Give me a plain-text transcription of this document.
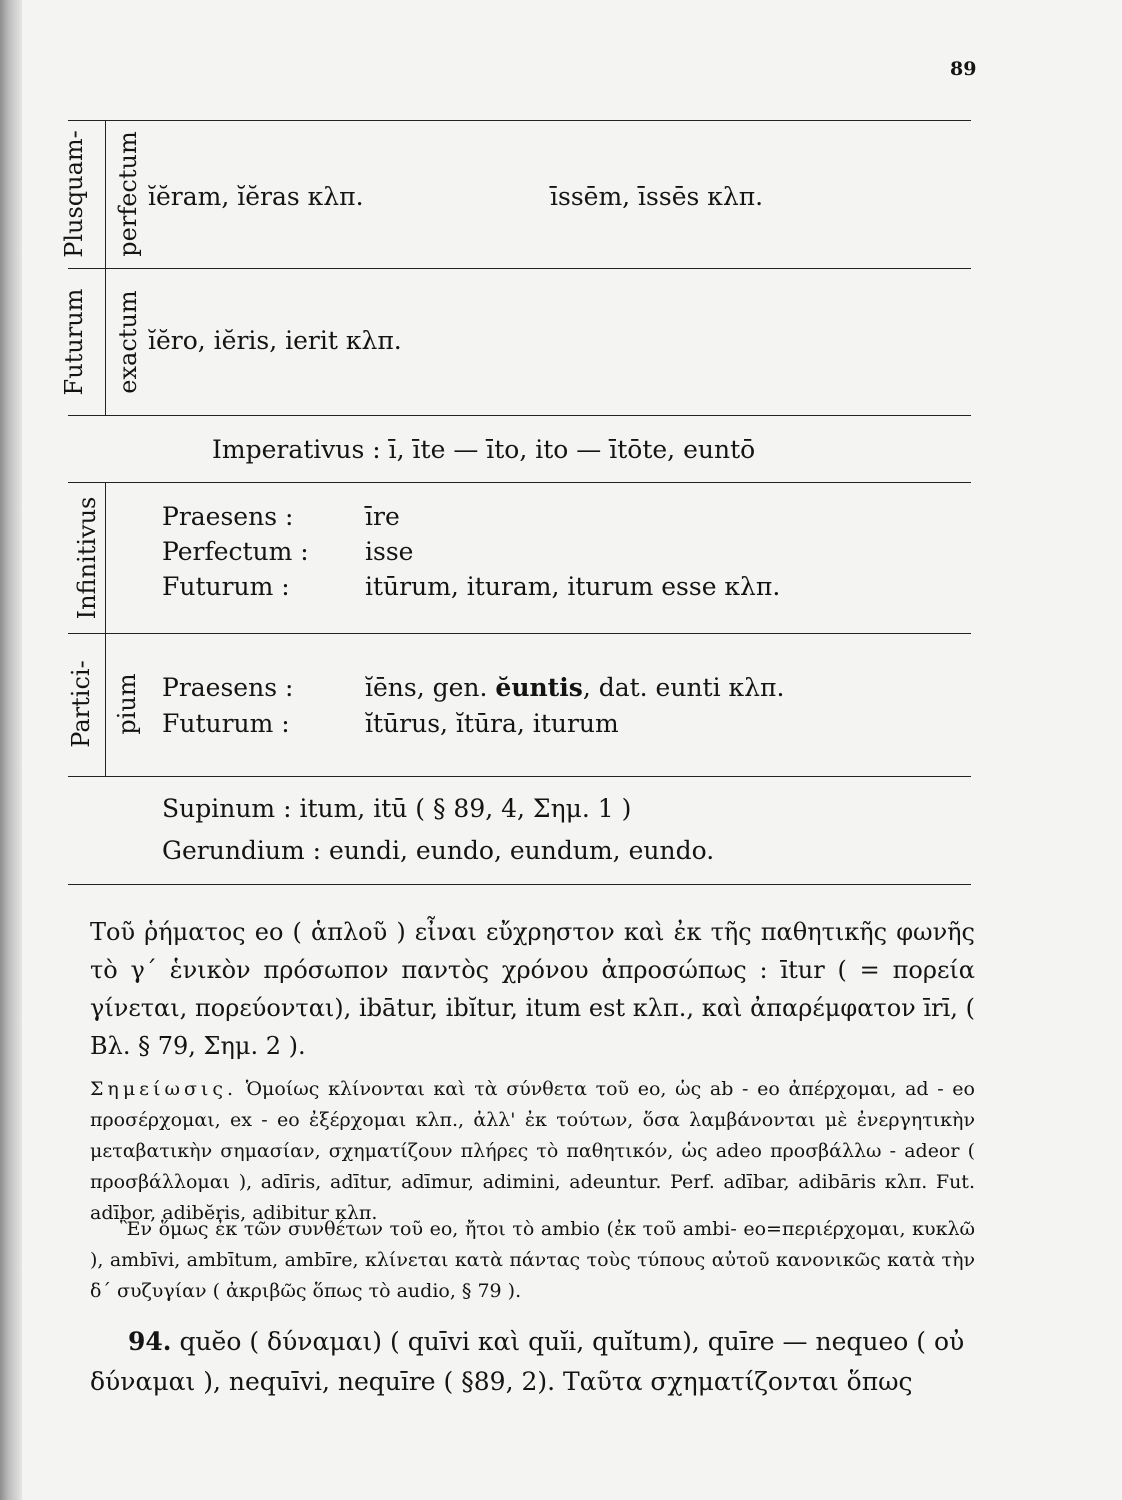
89
Plusquam- perfectum ĭĕram, ĭĕras κλπ.	īssēm, īssēs κλπ.
Futurum exactum ĭĕro, iĕris, ierit κλπ.
Imperativus : ī, īte — īto, ito — ītōte, euntō
Infinitivus Praesens :	īre
Perfectum : isse
Futurum :	itūrum, ituram, iturum esse κλπ.
Partici- pium Praesens :	ĭēns, gen. ĕuntis, dat. eunti κλπ.
Futurum :	ĭtūrus, ĭtūra, iturum
Supinum : itum, itū ( § 89, 4, Σημ. 1 )
Gerundium : eundi, eundo, eundum, eundo.
Τοῦ ῥήματος eo ( ἁπλοῦ ) εἶναι εὔχρηστον καὶ ἐκ τῆς παθητικῆς φωνῆς τὸ γ΄ ἑνικὸν πρόσωπον παντὸς χρόνου ἀπροσώπως : ītur ( = πορεία γίνεται, πορεύονται), ibātur, ibĭtur, itum est κλπ., καὶ ἀπαρέμφατον īrī, ( Βλ. § 79, Σημ. 2 ).
Σημείωσις. Ὁμοίως κλίνονται καὶ τὰ σύνθετα τοῦ eo, ὡς ab - eo ἀπέρχομαι, ad - eo προσέρχομαι, ex - eo ἐξέρχομαι κλπ., ἀλλ' ἐκ τούτων, ὅσα λαμβάνονται μὲ ἐνεργητικὴν μεταβατικὴν σημασίαν, σχηματίζουν πλήρες τὸ παθητικόν, ὡς adeo προσβάλλω - adeor ( προσβάλλομαι ), adīris, adītur, adīmur, adimini, adeuntur. Perf. adībar, adibāris κλπ. Fut. adībor, adibĕris, adibitur κλπ.
Ἓν ὅμως ἐκ τῶν συνθέτων τοῦ eo, ἤτοι τὸ ambio (ἐκ τοῦ ambi- eo=περιέρχομαι, κυκλῶ ), ambīvi, ambītum, ambīre, κλίνεται κατὰ πάντας τοὺς τύπους αὐτοῦ κανονικῶς κατὰ τὴν δ΄ συζυγίαν ( ἀκριβῶς ὅπως τὸ audio, § 79 ).
94. quĕo ( δύναμαι) ( quīvi καὶ quĭi, quĭtum), quīre — nequeo ( οὐ δύναμαι ), nequīvi, nequīre ( §89, 2). Ταῦτα σχηματίζονται ὅπως
